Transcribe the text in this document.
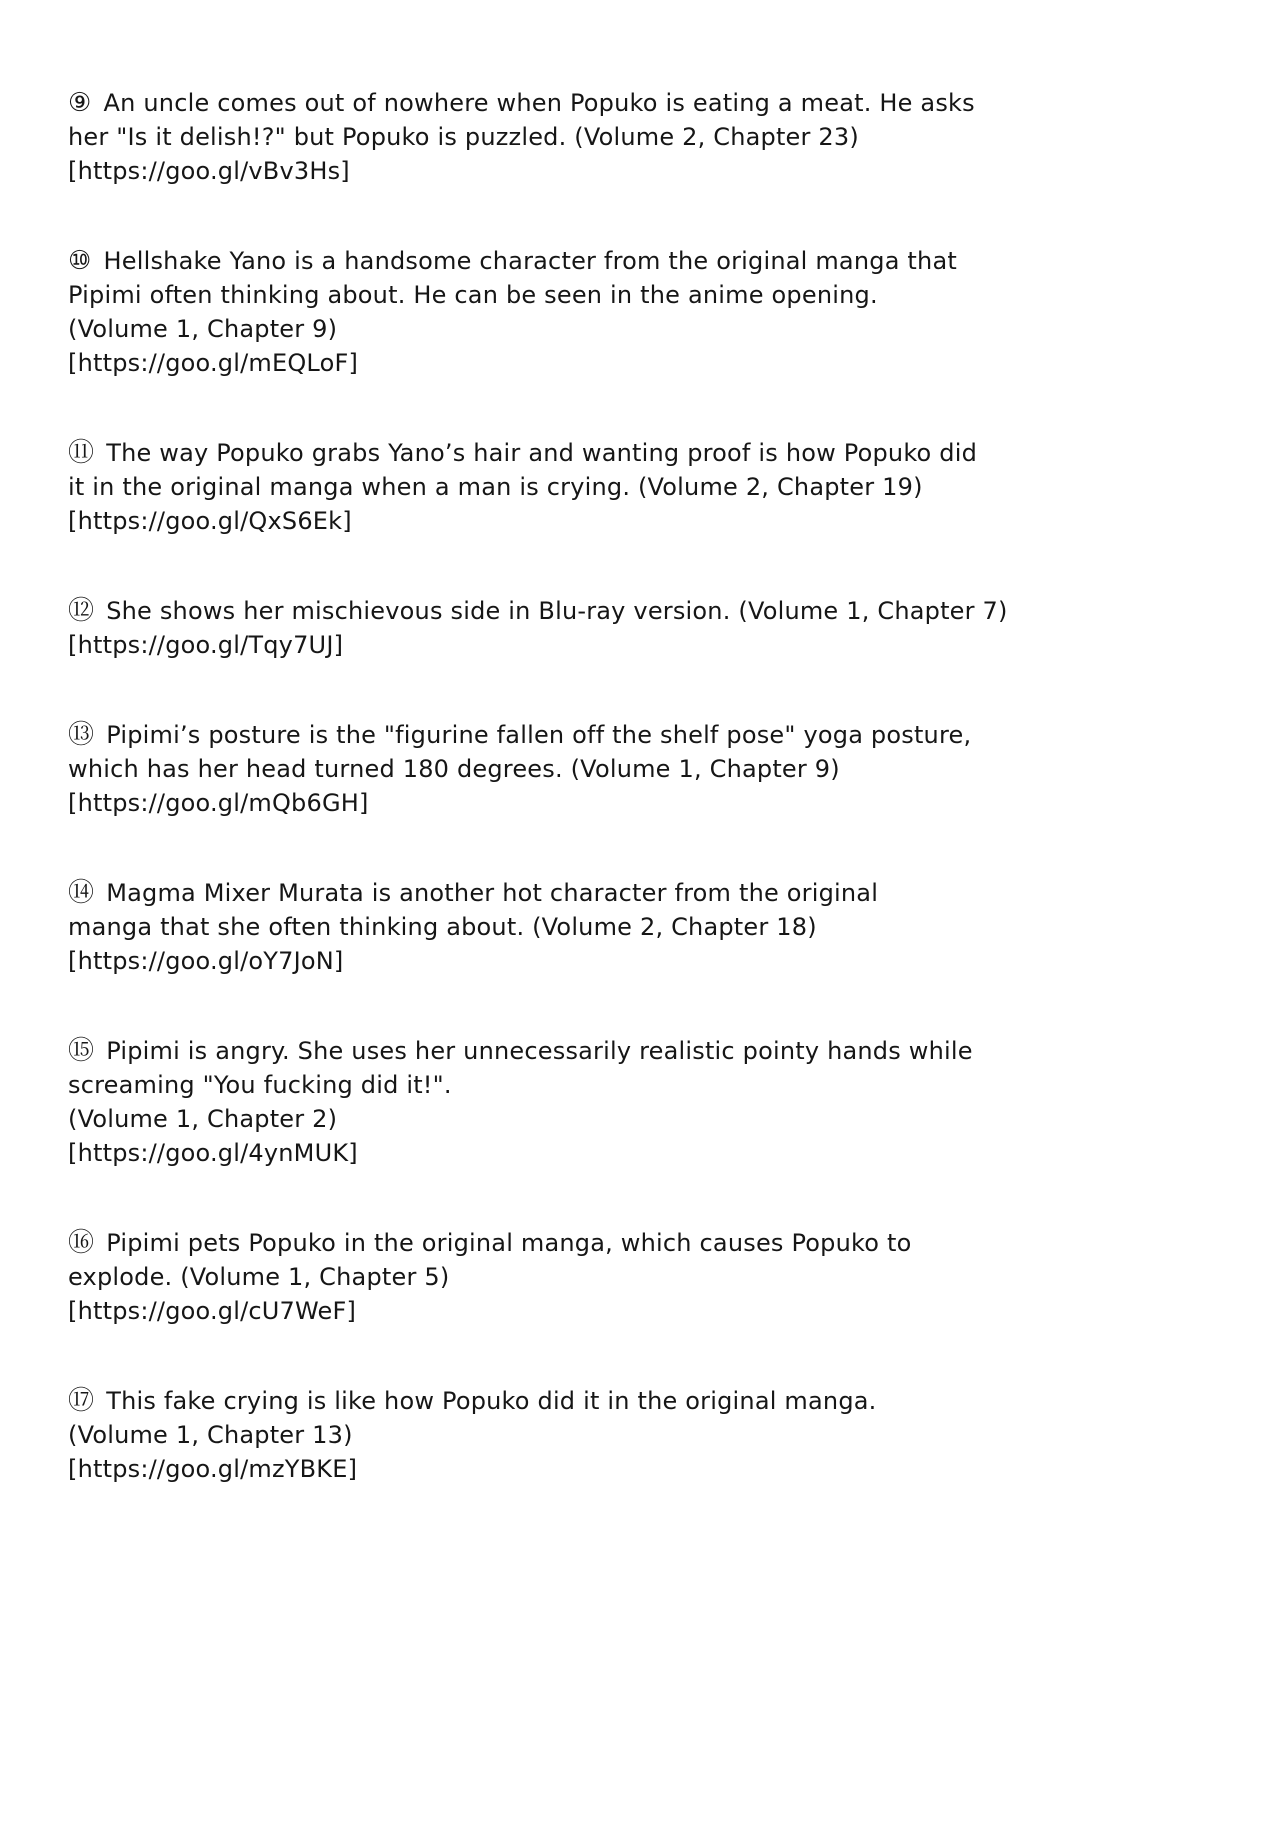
⑨ An uncle comes out of nowhere when Popuko is eating a meat. He asks
her "Is it delish!?" but Popuko is puzzled. (Volume 2, Chapter 23)
[https://goo.gl/vBv3Hs]
⑩ Hellshake Yano is a handsome character from the original manga that
Pipimi often thinking about. He can be seen in the anime opening.
(Volume 1, Chapter 9)
[https://goo.gl/mEQLoF]
⑪ The way Popuko grabs Yano’s hair and wanting proof is how Popuko did
it in the original manga when a man is crying. (Volume 2, Chapter 19)
[https://goo.gl/QxS6Ek]
⑫ She shows her mischievous side in Blu-ray version. (Volume 1, Chapter 7)
[https://goo.gl/Tqy7UJ]
⑬ Pipimi’s posture is the "figurine fallen off the shelf pose" yoga posture,
which has her head turned 180 degrees. (Volume 1, Chapter 9)
[https://goo.gl/mQb6GH]
⑭ Magma Mixer Murata is another hot character from the original
manga that she often thinking about. (Volume 2, Chapter 18)
[https://goo.gl/oY7JoN]
⑮ Pipimi is angry. She uses her unnecessarily realistic pointy hands while
screaming "You fucking did it!".
(Volume 1, Chapter 2)
[https://goo.gl/4ynMUK]
⑯ Pipimi pets Popuko in the original manga, which causes Popuko to
explode. (Volume 1, Chapter 5)
[https://goo.gl/cU7WeF]
⑰ This fake crying is like how Popuko did it in the original manga.
(Volume 1, Chapter 13)
[https://goo.gl/mzYBKE]
